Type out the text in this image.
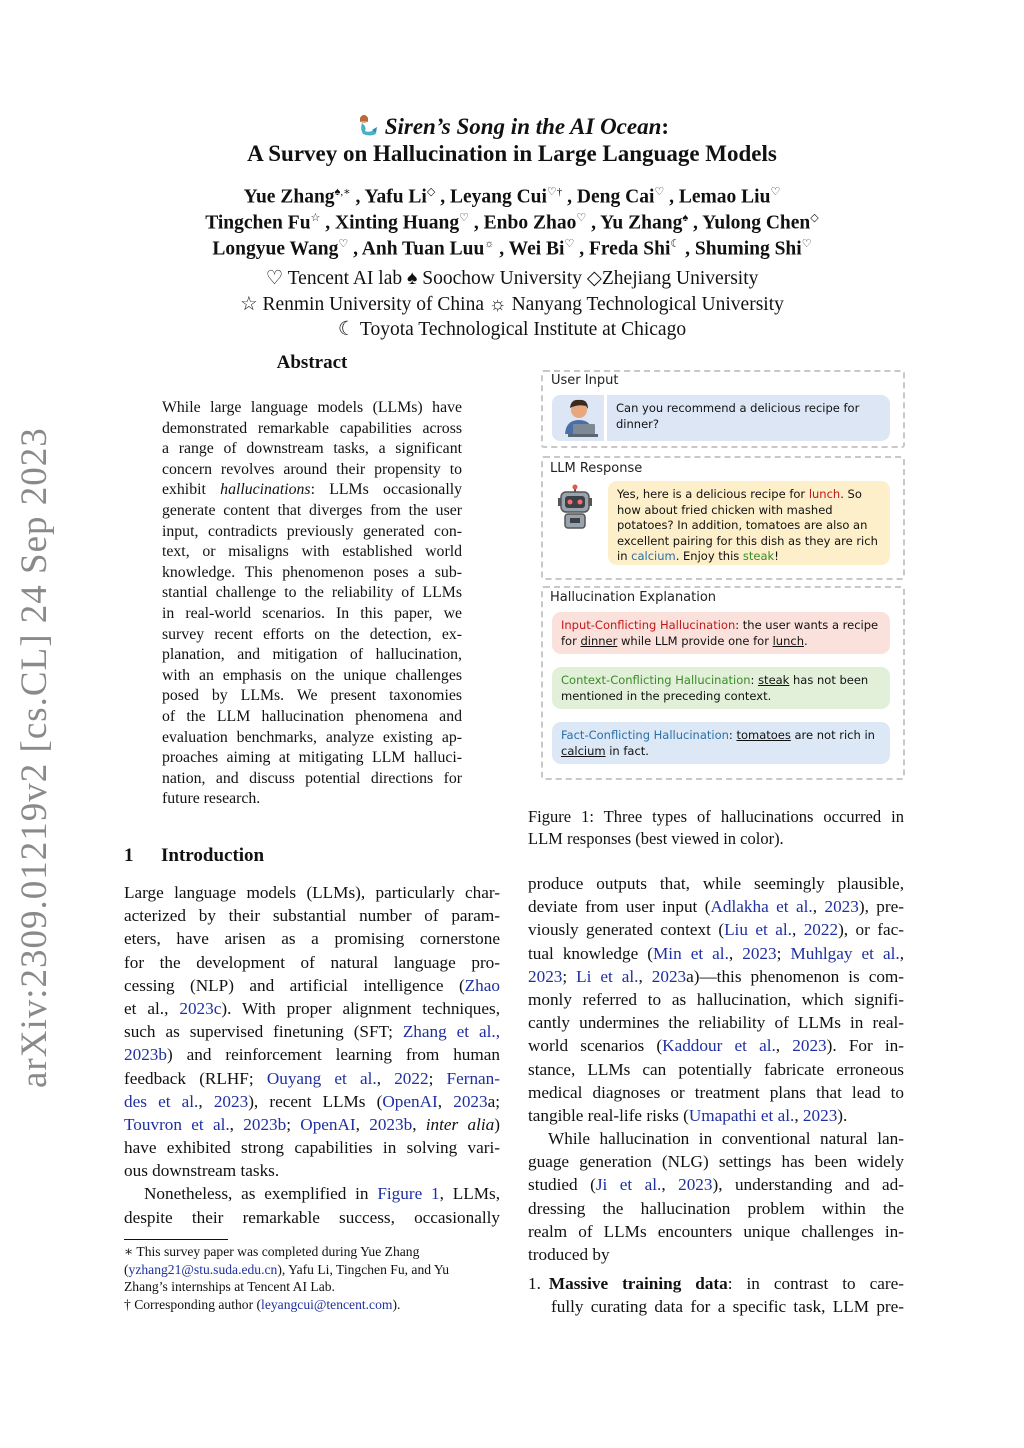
arXiv:2309.01219v2 [cs.CL] 24 Sep 2023
Siren’s Song in the AI Ocean:
A Survey on Hallucination in Large Language Models
Yue Zhang♠,∗ , Yafu Li◇ , Leyang Cui♡† , Deng Cai♡ , Lemao Liu♡
Tingchen Fu☆ , Xinting Huang♡ , Enbo Zhao♡ , Yu Zhang♠ , Yulong Chen◇
Longyue Wang♡ , Anh Tuan Luu☼ , Wei Bi♡ , Freda Shi☾ , Shuming Shi♡
♡ Tencent AI lab ♠ Soochow University ◇Zhejiang University
☆ Renmin University of China ☼ Nanyang Technological University
☾ Toyota Technological Institute at Chicago
Abstract
While large language models (LLMs) have
demonstrated remarkable capabilities across
a range of downstream tasks, a significant
concern revolves around their propensity to
exhibit hallucinations: LLMs occasionally
generate content that diverges from the user
input, contradicts previously generated con-
text, or misaligns with established world
knowledge. This phenomenon poses a sub-
stantial challenge to the reliability of LLMs
in real-world scenarios. In this paper, we
survey recent efforts on the detection, ex-
planation, and mitigation of hallucination,
with an emphasis on the unique challenges
posed by LLMs. We present taxonomies
of the LLM hallucination phenomena and
evaluation benchmarks, analyze existing ap-
proaches aiming at mitigating LLM halluci-
nation, and discuss potential directions for
future research.
1 Introduction
Large language models (LLMs), particularly char-
acterized by their substantial number of param-
eters, have arisen as a promising cornerstone
for the development of natural language pro-
cessing (NLP) and artificial intelligence (Zhao
et al., 2023c). With proper alignment techniques,
such as supervised finetuning (SFT; Zhang et al.,
2023b) and reinforcement learning from human
feedback (RLHF; Ouyang et al., 2022; Fernan-
des et al., 2023), recent LLMs (OpenAI, 2023a;
Touvron et al., 2023b; OpenAI, 2023b, inter alia)
have exhibited strong capabilities in solving vari-
ous downstream tasks.
Nonetheless, as exemplified in Figure 1, LLMs,
despite their remarkable success, occasionally
∗ This survey paper was completed during Yue Zhang
(yzhang21@stu.suda.edu.cn), Yafu Li, Tingchen Fu, and Yu
Zhang’s internships at Tencent AI Lab.
† Corresponding author (leyangcui@tencent.com).
User Input
Can you recommend a delicious recipe for dinner?
LLM Response
Yes, here is a delicious recipe for lunch. So how about fried chicken with mashed potatoes? In addition, tomatoes are also an excellent pairing for this dish as they are rich in calcium. Enjoy this steak!
Hallucination Explanation
Input-Conflicting Hallucination: the user wants a recipe for dinner while LLM provide one for lunch.
Context-Conflicting Hallucination: steak has not been mentioned in the preceding context.
Fact-Conflicting Hallucination: tomatoes are not rich in calcium in fact.
Figure 1: Three types of hallucinations occurred in
LLM responses (best viewed in color).
produce outputs that, while seemingly plausible,
deviate from user input (Adlakha et al., 2023), pre-
viously generated context (Liu et al., 2022), or fac-
tual knowledge (Min et al., 2023; Muhlgay et al.,
2023; Li et al., 2023a)—this phenomenon is com-
monly referred to as hallucination, which signifi-
cantly undermines the reliability of LLMs in real-
world scenarios (Kaddour et al., 2023). For in-
stance, LLMs can potentially fabricate erroneous
medical diagnoses or treatment plans that lead to
tangible real-life risks (Umapathi et al., 2023).
While hallucination in conventional natural lan-
guage generation (NLG) settings has been widely
studied (Ji et al., 2023), understanding and ad-
dressing the hallucination problem within the
realm of LLMs encounters unique challenges in-
troduced by
1. Massive training data: in contrast to care-
fully curating data for a specific task, LLM pre-
